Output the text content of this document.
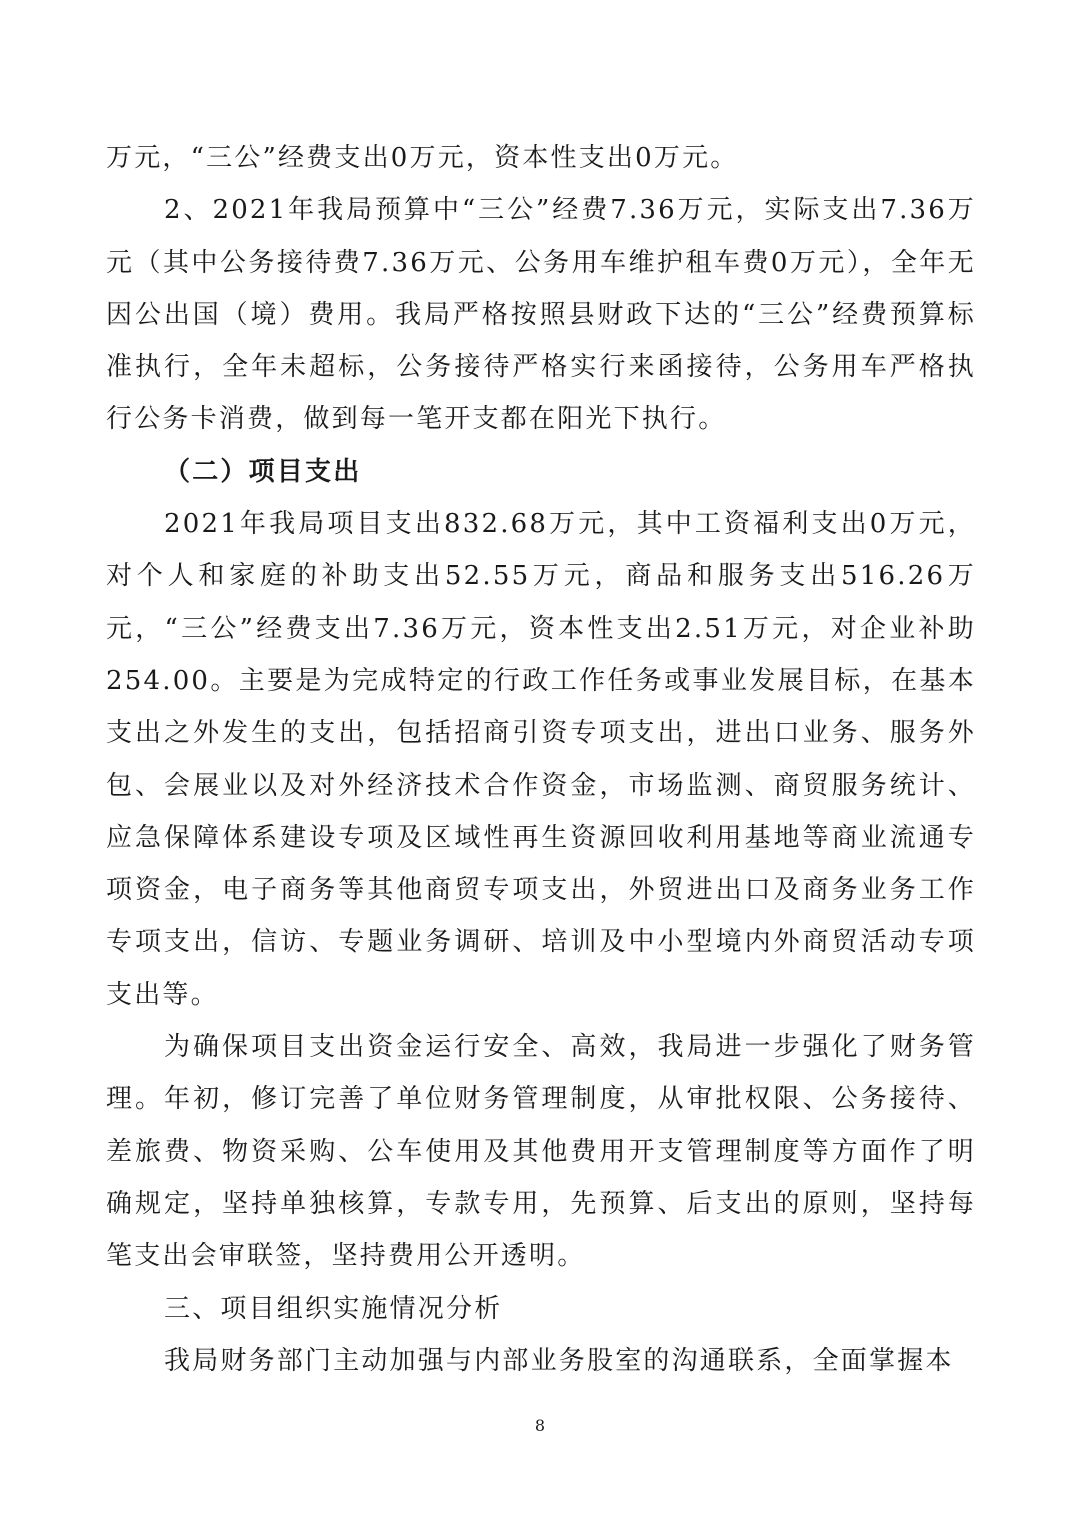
万元，“三公”经费支出0万元，资本性支出0万元。

2、2021年我局预算中“三公”经费7.36万元，实际支出7.36万元（其中公务接待费7.36万元、公务用车维护租车费0万元），全年无因公出国（境）费用。我局严格按照县财政下达的“三公”经费预算标准执行，全年未超标，公务接待严格实行来函接待，公务用车严格执行公务卡消费，做到每一笔开支都在阳光下执行。

（二）项目支出

2021年我局项目支出832.68万元，其中工资福利支出0万元，对个人和家庭的补助支出52.55万元，商品和服务支出516.26万元，“三公”经费支出7.36万元，资本性支出2.51万元，对企业补助254.00。主要是为完成特定的行政工作任务或事业发展目标，在基本支出之外发生的支出，包括招商引资专项支出，进出口业务、服务外包、会展业以及对外经济技术合作资金，市场监测、商贸服务统计、应急保障体系建设专项及区域性再生资源回收利用基地等商业流通专项资金，电子商务等其他商贸专项支出，外贸进出口及商务业务工作专项支出，信访、专题业务调研、培训及中小型境内外商贸活动专项支出等。

为确保项目支出资金运行安全、高效，我局进一步强化了财务管理。年初，修订完善了单位财务管理制度，从审批权限、公务接待、差旅费、物资采购、公车使用及其他费用开支管理制度等方面作了明确规定，坚持单独核算，专款专用，先预算、后支出的原则，坚持每笔支出会审联签，坚持费用公开透明。

三、项目组织实施情况分析

我局财务部门主动加强与内部业务股室的沟通联系，全面掌握本

8
